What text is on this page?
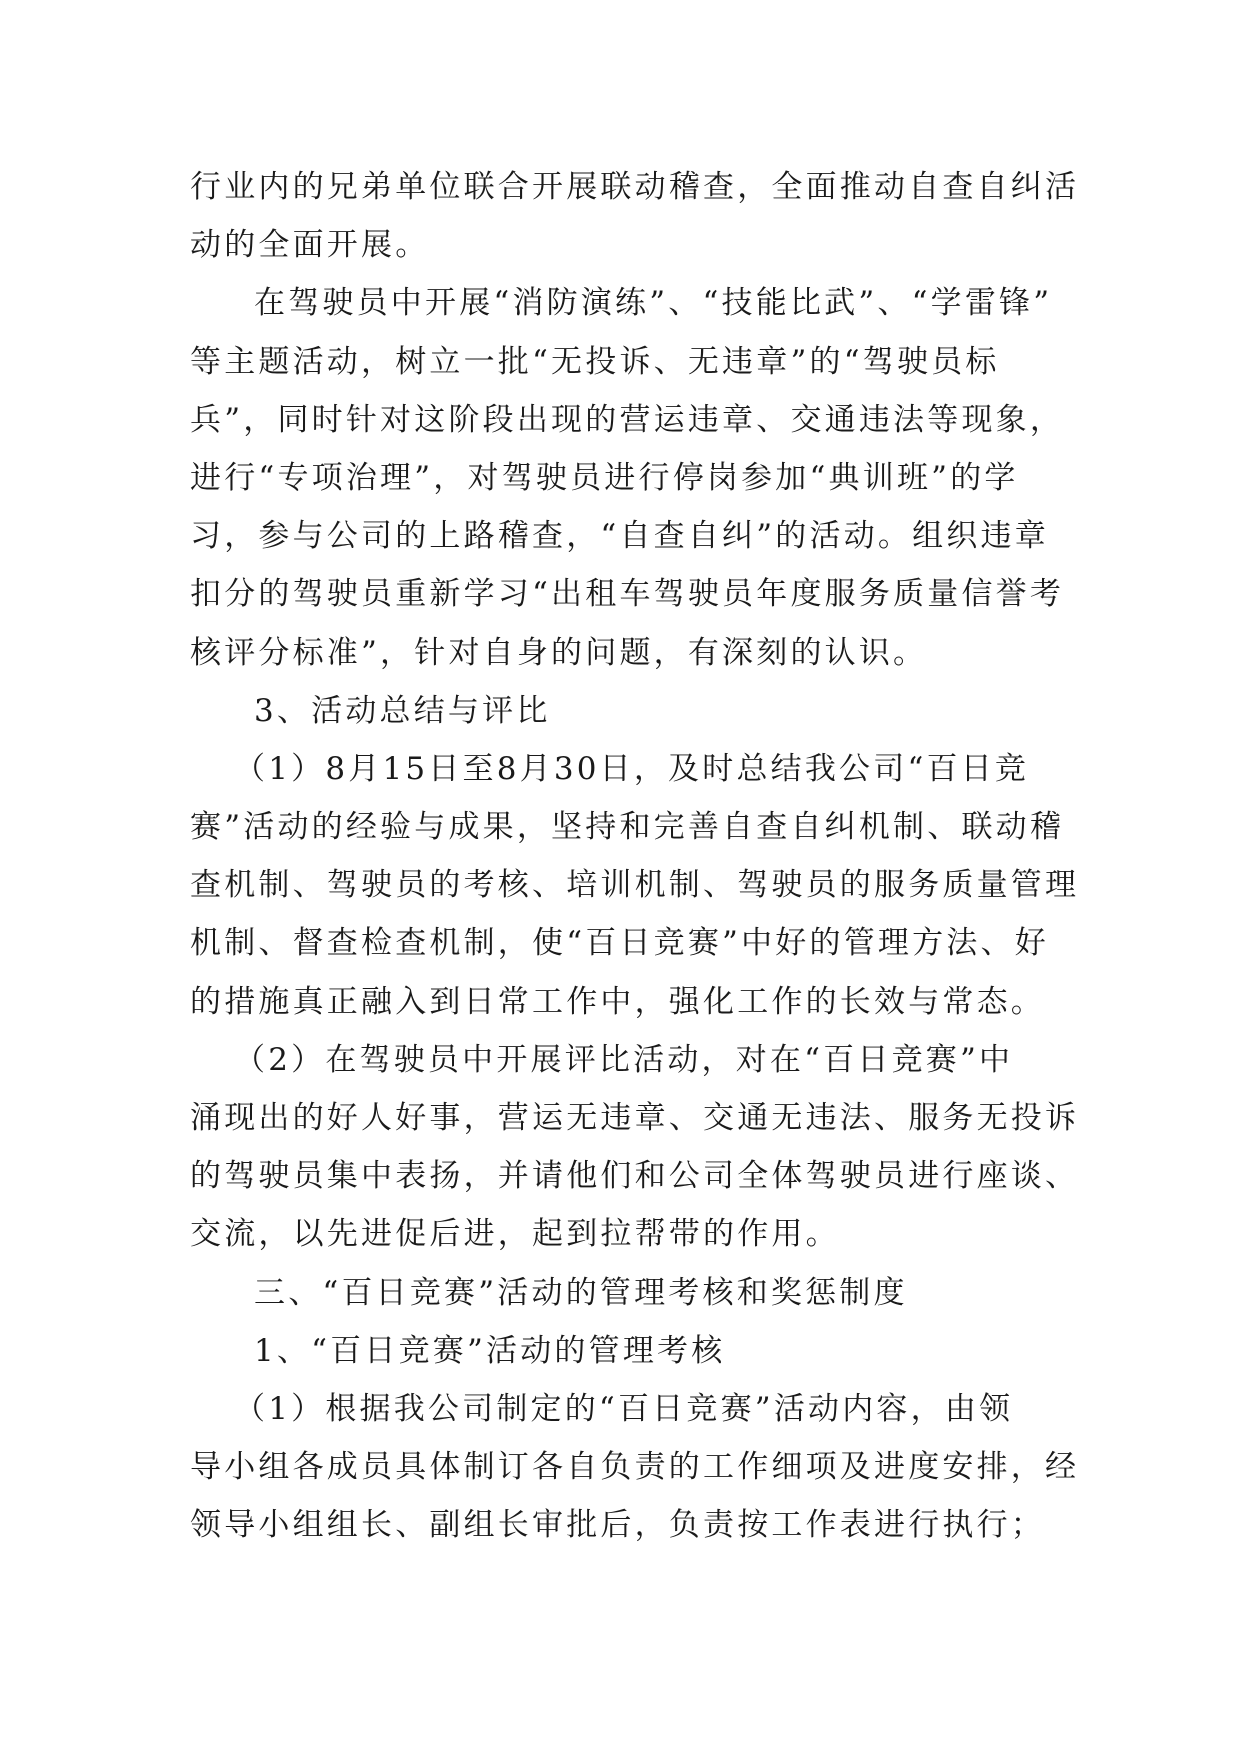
行业内的兄弟单位联合开展联动稽查，全面推动自查自纠活
动的全面开展。
在驾驶员中开展“消防演练”、“技能比武”、“学雷锋”
等主题活动，树立一批“无投诉、无违章”的“驾驶员标
兵”，同时针对这阶段出现的营运违章、交通违法等现象，
进行“专项治理”，对驾驶员进行停岗参加“典训班”的学
习，参与公司的上路稽查，“自查自纠”的活动。组织违章
扣分的驾驶员重新学习“出租车驾驶员年度服务质量信誉考
核评分标准”，针对自身的问题，有深刻的认识。
3、活动总结与评比
（1）8月15日至8月30日，及时总结我公司“百日竞
赛”活动的经验与成果，坚持和完善自查自纠机制、联动稽
查机制、驾驶员的考核、培训机制、驾驶员的服务质量管理
机制、督查检查机制，使“百日竞赛”中好的管理方法、好
的措施真正融入到日常工作中，强化工作的长效与常态。
（2）在驾驶员中开展评比活动，对在“百日竞赛”中
涌现出的好人好事，营运无违章、交通无违法、服务无投诉
的驾驶员集中表扬，并请他们和公司全体驾驶员进行座谈、
交流，以先进促后进，起到拉帮带的作用。
三、“百日竞赛”活动的管理考核和奖惩制度
1、“百日竞赛”活动的管理考核
（1）根据我公司制定的“百日竞赛”活动内容，由领
导小组各成员具体制订各自负责的工作细项及进度安排，经
领导小组组长、副组长审批后，负责按工作表进行执行；
